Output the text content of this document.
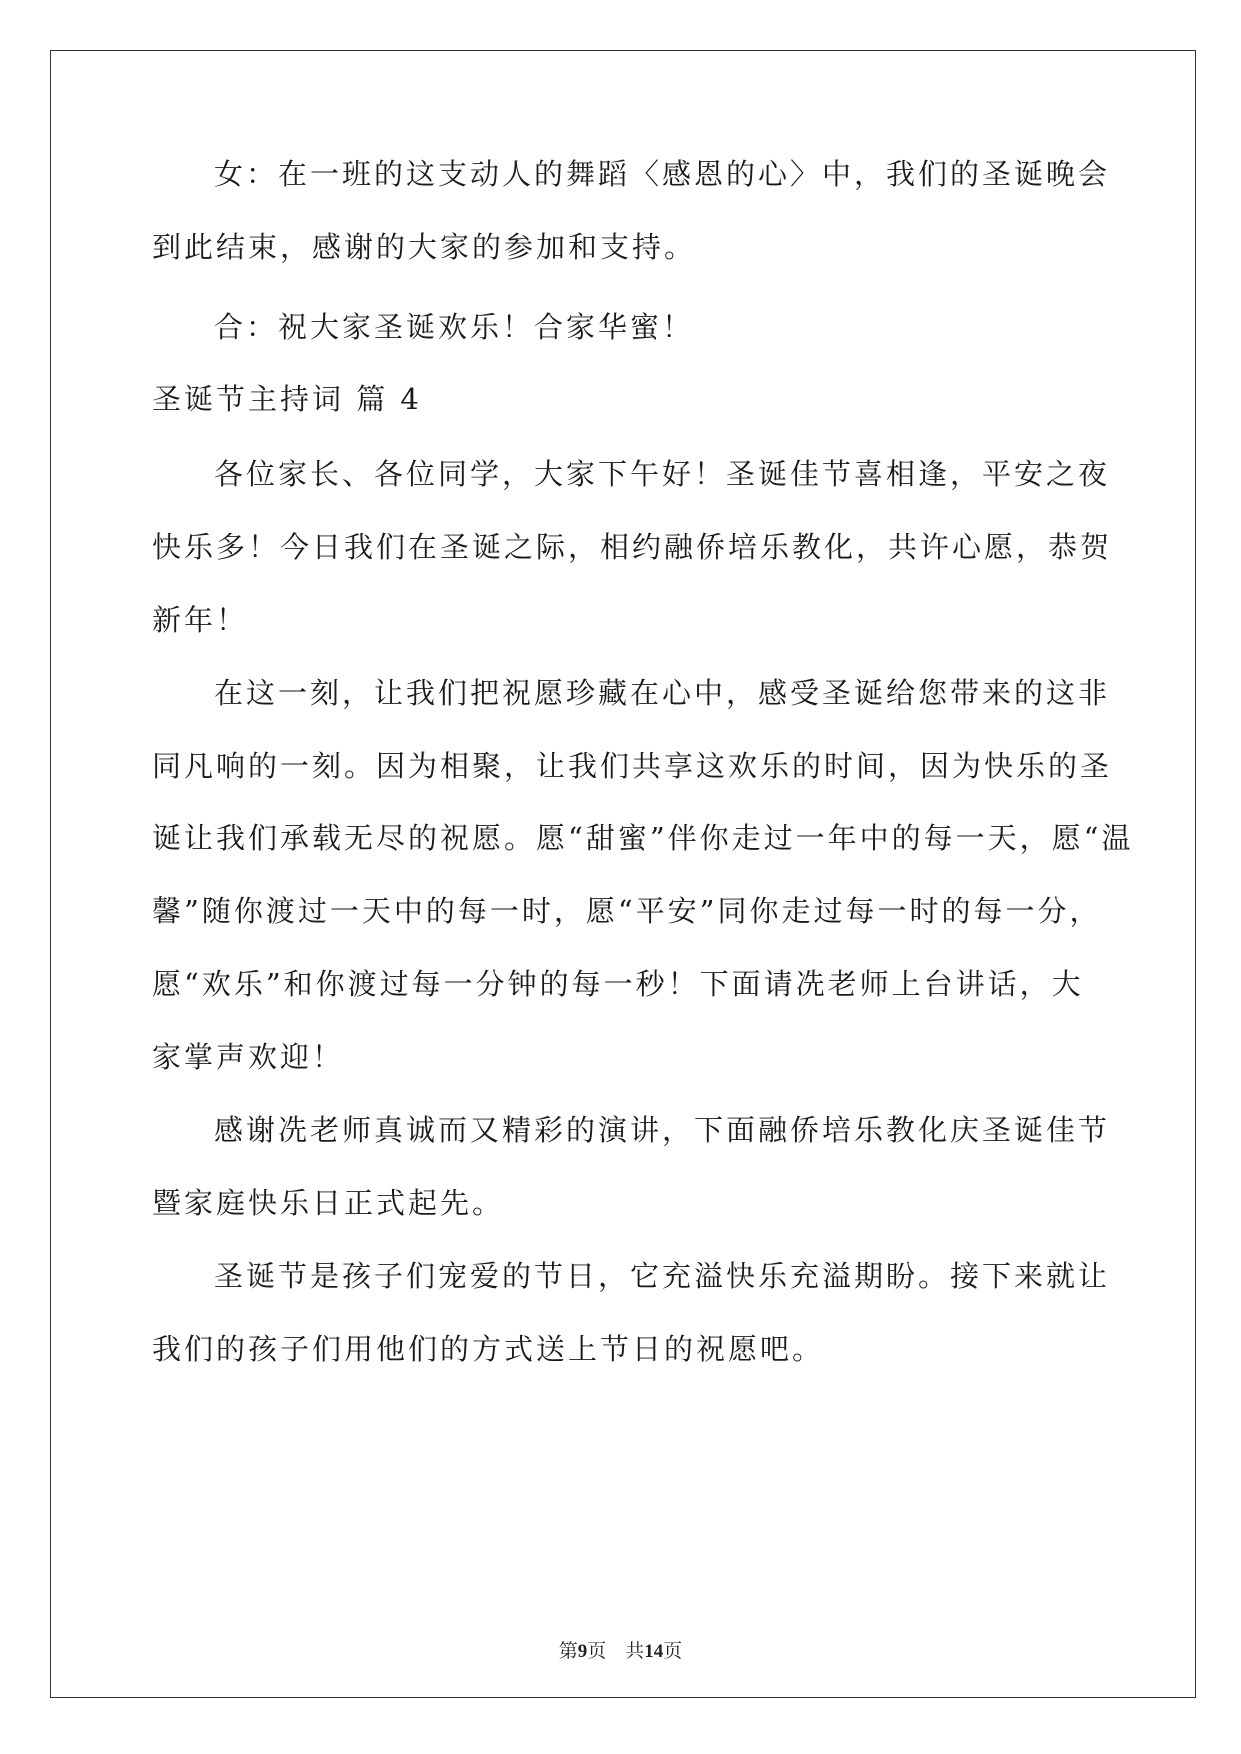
女：在一班的这支动人的舞蹈〈感恩的心〉中，我们的圣诞晚会
到此结束，感谢的大家的参加和支持。
合：祝大家圣诞欢乐！合家华蜜！
圣诞节主持词 篇 4
各位家长、各位同学，大家下午好！圣诞佳节喜相逢，平安之夜
快乐多！今日我们在圣诞之际，相约融侨培乐教化，共许心愿，恭贺
新年！
在这一刻，让我们把祝愿珍藏在心中，感受圣诞给您带来的这非
同凡响的一刻。因为相聚，让我们共享这欢乐的时间，因为快乐的圣
诞让我们承载无尽的祝愿。愿“甜蜜”伴你走过一年中的每一天，愿“温
馨”随你渡过一天中的每一时，愿“平安”同你走过每一时的每一分，
愿“欢乐”和你渡过每一分钟的每一秒！下面请冼老师上台讲话，大
家掌声欢迎！
感谢冼老师真诚而又精彩的演讲，下面融侨培乐教化庆圣诞佳节
暨家庭快乐日正式起先。
圣诞节是孩子们宠爱的节日，它充溢快乐充溢期盼。接下来就让
我们的孩子们用他们的方式送上节日的祝愿吧。
第9页　共14页
